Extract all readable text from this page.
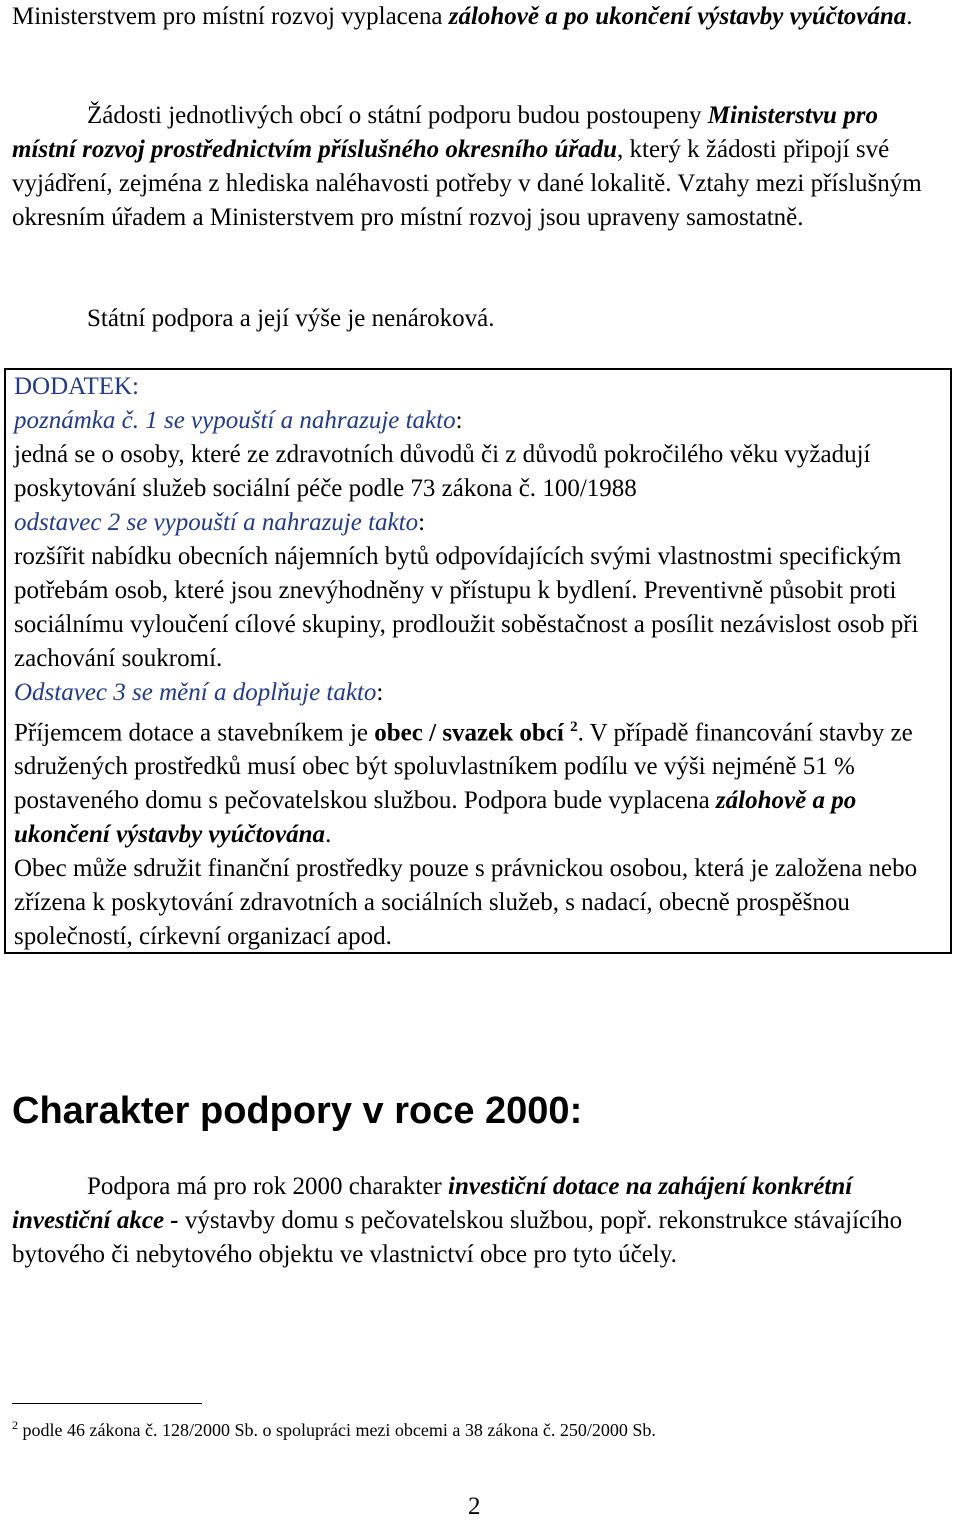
Ministerstvem pro místní rozvoj vyplacena zálohově a po ukončení výstavby vyúčtována.

Žádosti jednotlivých obcí o státní podporu budou postoupeny Ministerstvu pro místní rozvoj prostřednictvím příslušného okresního úřadu, který k žádosti připojí své vyjádření, zejména z hlediska naléhavosti potřeby v dané lokalitě. Vztahy mezi příslušným okresním úřadem a Ministerstvem pro místní rozvoj jsou upraveny samostatně.

Státní podpora a její výše je nenároková.

DODATEK:
poznámka č. 1 se vypouští a nahrazuje takto:
jedná se o osoby, které ze zdravotních důvodů či z důvodů pokročilého věku vyžadují poskytování služeb sociální péče podle 73 zákona č. 100/1988
odstavec 2 se vypouští a nahrazuje takto:
rozšířit nabídku obecních nájemních bytů odpovídajících svými vlastnostmi specifickým potřebám osob, které jsou znevýhodněny v přístupu k bydlení. Preventivně působit proti sociálnímu vyloučení cílové skupiny, prodloužit soběstačnost a posílit nezávislost osob při zachování soukromí.
Odstavec 3 se mění a doplňuje takto:
Příjemcem dotace a stavebníkem je obec / svazek obcí $^2$. V případě financování stavby ze sdružených prostředků musí obec být spoluvlastníkem podílu ve výši nejméně 51 % postaveného domu s pečovatelskou službou. Podpora bude vyplacena zálohově a po ukončení výstavby vyúčtována.
Obec může sdružit finanční prostředky pouze s právnickou osobou, která je založena nebo zřízena k poskytování zdravotních a sociálních služeb, s nadací, obecně prospěšnou společností, církevní organizací apod.
Charakter podpory v roce 2000:

Podpora má pro rok 2000 charakter investiční dotace na zahájení konkrétní investiční akce - výstavby domu s pečovatelskou službou, popř. rekonstrukce stávajícího bytového či nebytového objektu ve vlastnictví obce pro tyto účely.

$^2$ podle 46 zákona č. 128/2000 Sb. o spolupráci mezi obcemi a 38 zákona č. 250/2000 Sb.
2
